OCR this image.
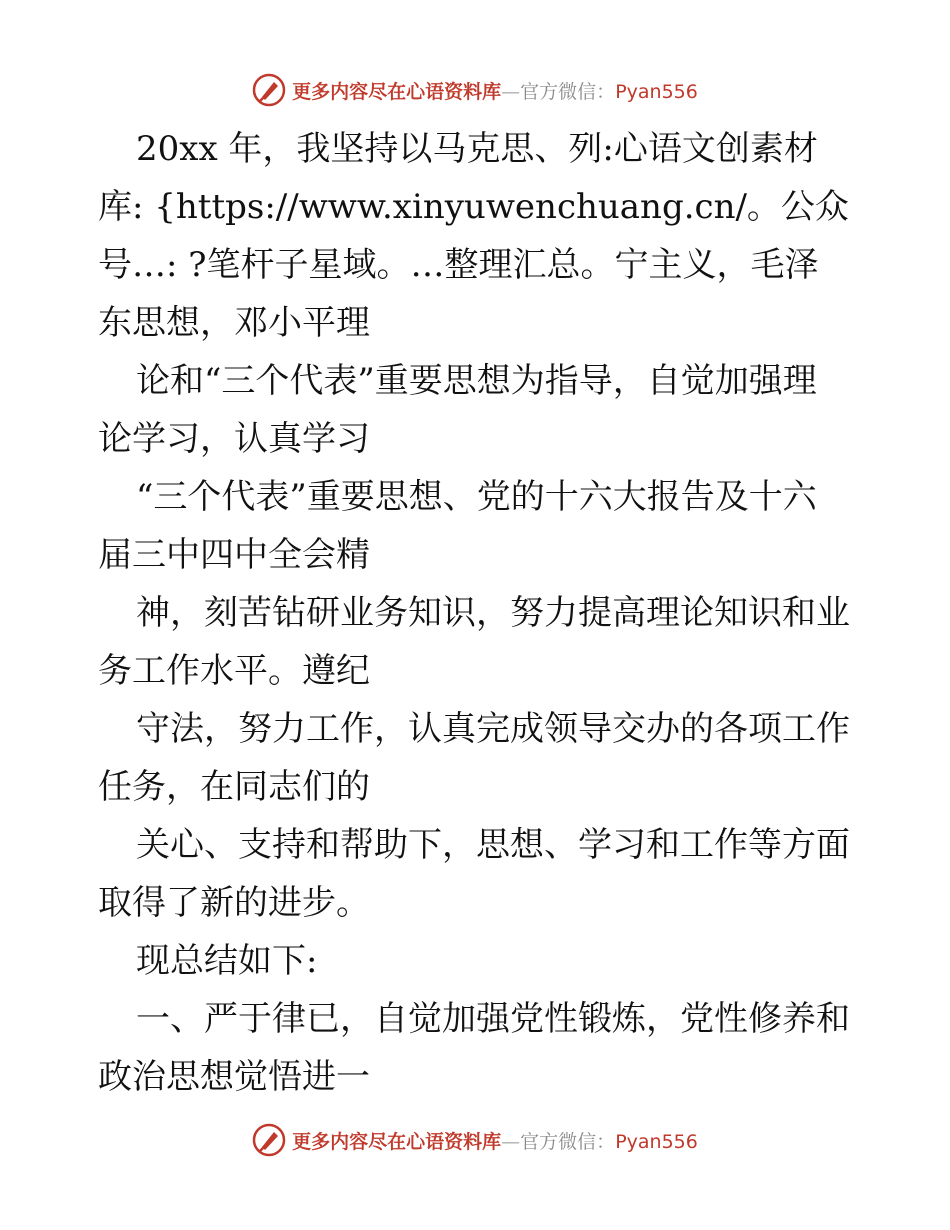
更多内容尽在心语资料库—官方微信：Pyan556
20xx 年，我坚持以马克思、列:心语文创素材
库: {https://www.xinyuwenchuang.cn/。公众
号…: ?笔杆子星域。…整理汇总。宁主义，毛泽
东思想，邓小平理
论和“三个代表”重要思想为指导，自觉加强理
论学习，认真学习
“三个代表”重要思想、党的十六大报告及十六
届三中四中全会精
神，刻苦钻研业务知识，努力提高理论知识和业
务工作水平。遵纪
守法，努力工作，认真完成领导交办的各项工作
任务，在同志们的
关心、支持和帮助下，思想、学习和工作等方面
取得了新的进步。
现总结如下:
一、严于律已，自觉加强党性锻炼，党性修养和
政治思想觉悟进一
更多内容尽在心语资料库—官方微信：Pyan556
